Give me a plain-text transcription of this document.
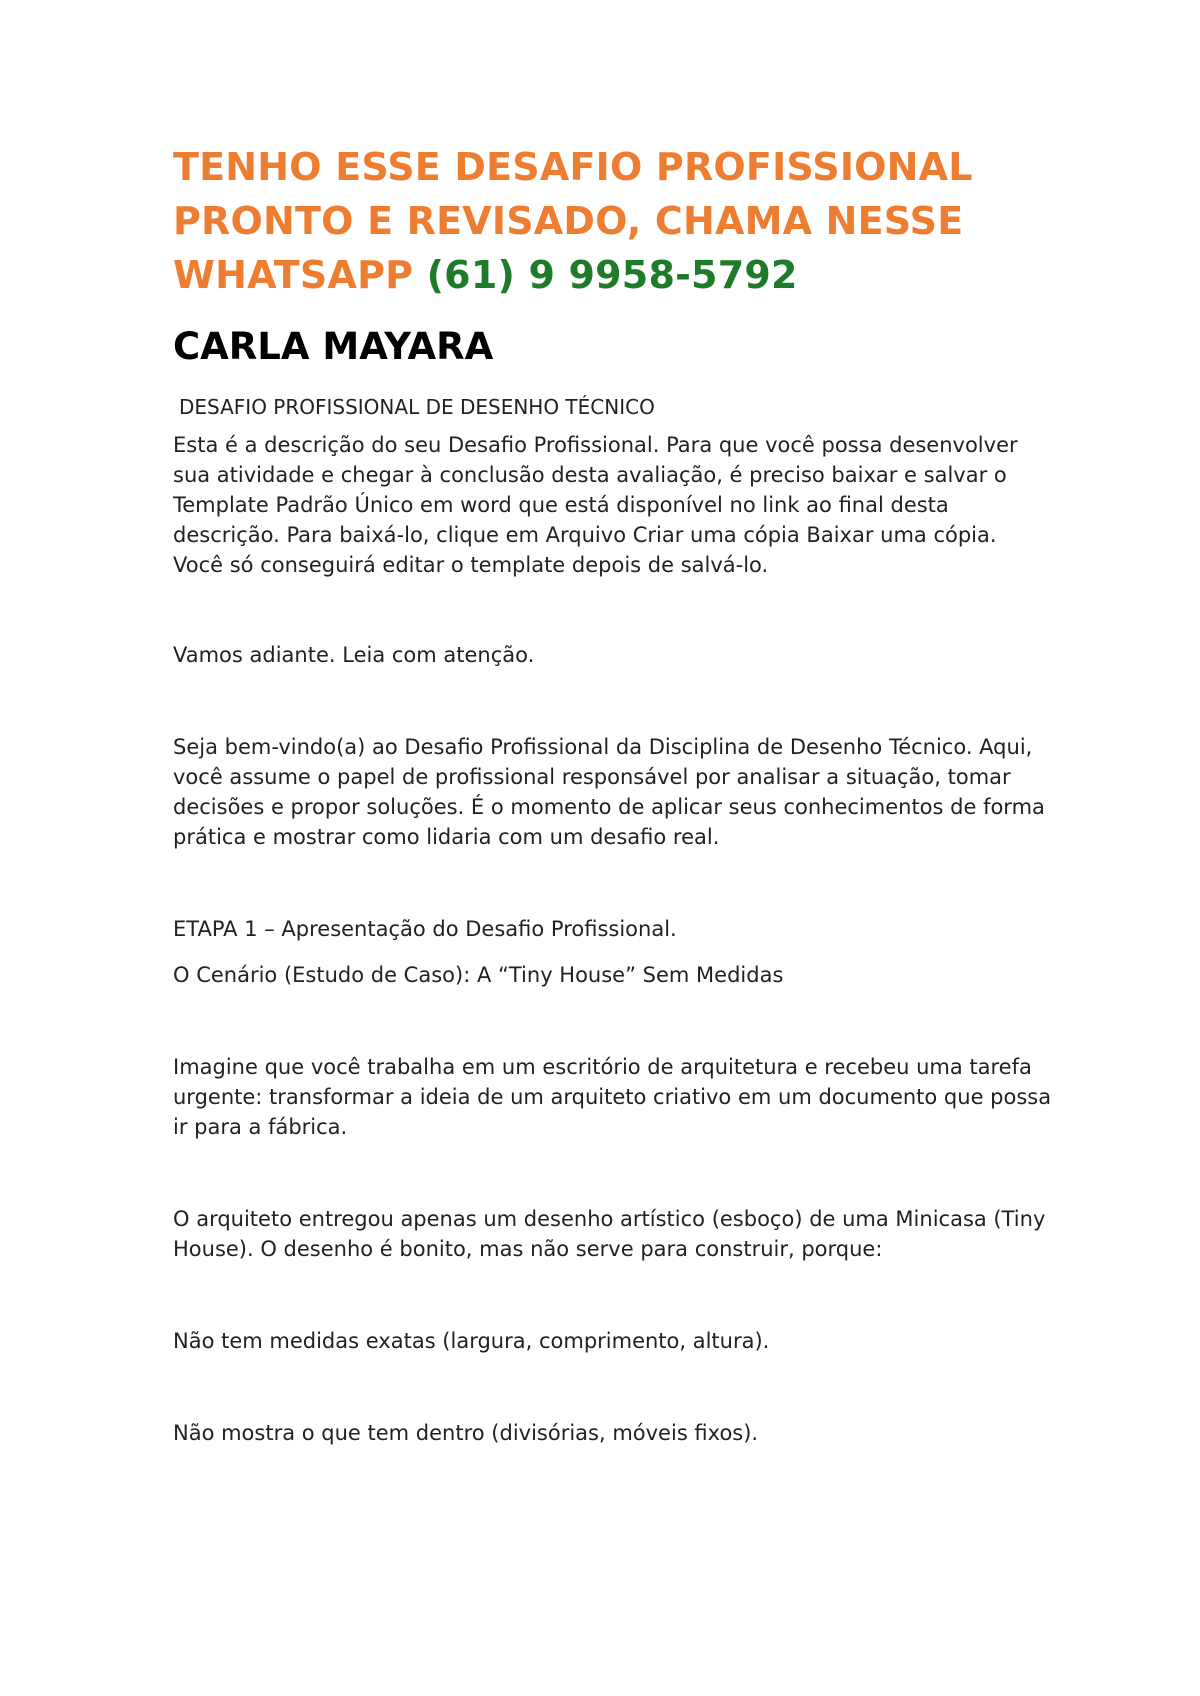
TENHO ESSE DESAFIO PROFISSIONAL
PRONTO E REVISADO, CHAMA NESSE
WHATSAPP (61) 9 9958-5792
CARLA MAYARA

DESAFIO PROFISSIONAL DE DESENHO TÉCNICO

Esta é a descrição do seu Desafio Profissional. Para que você possa desenvolver sua atividade e chegar à conclusão desta avaliação, é preciso baixar e salvar o Template Padrão Único em word que está disponível no link ao final desta descrição. Para baixá-lo, clique em Arquivo Criar uma cópia Baixar uma cópia. Você só conseguirá editar o template depois de salvá-lo.

Vamos adiante. Leia com atenção.

Seja bem-vindo(a) ao Desafio Profissional da Disciplina de Desenho Técnico. Aqui, você assume o papel de profissional responsável por analisar a situação, tomar decisões e propor soluções. É o momento de aplicar seus conhecimentos de forma prática e mostrar como lidaria com um desafio real.

ETAPA 1 – Apresentação do Desafio Profissional.

O Cenário (Estudo de Caso): A “Tiny House” Sem Medidas

Imagine que você trabalha em um escritório de arquitetura e recebeu uma tarefa urgente: transformar a ideia de um arquiteto criativo em um documento que possa ir para a fábrica.

O arquiteto entregou apenas um desenho artístico (esboço) de uma Minicasa (Tiny House). O desenho é bonito, mas não serve para construir, porque:

Não tem medidas exatas (largura, comprimento, altura).

Não mostra o que tem dentro (divisórias, móveis fixos).
